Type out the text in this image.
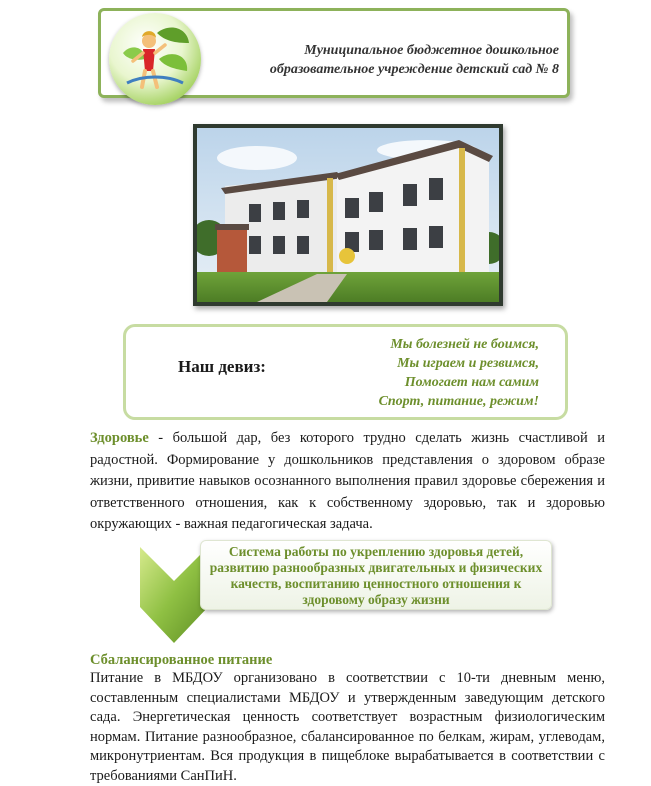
Муниципальное бюджетное дошкольное
образовательное учреждение детский сад № 8
Наш девиз:
Мы болезней не боимся,
Мы играем и резвимся,
Помогает нам самим
Спорт, питание, режим!
Здоровье - большой дар, без которого трудно сделать жизнь счастливой и радостной. Формирование у дошкольников представления о здоровом образе жизни, привитие навыков осознанного выполнения правил здоровье сбережения и ответственного отношения, как к собственному здоровью, так и здоровью окружающих - важная педагогическая задача.
Система работы по укреплению здоровья детей, развитию разнообразных двигательных и физических качеств, воспитанию ценностного отношения к здоровому образу жизни
Сбалансированное питание
Питание в МБДОУ организовано в соответствии с 10-ти дневным меню, составленным специалистами МБДОУ и утвержденным заведующим детского сада. Энергетическая ценность соответствует возрастным физиологическим нормам. Питание разнообразное, сбалансированное по белкам, жирам, углеводам, микронутриентам. Вся продукция в пищеблоке вырабатывается в соответствии с требованиями СанПиН.
